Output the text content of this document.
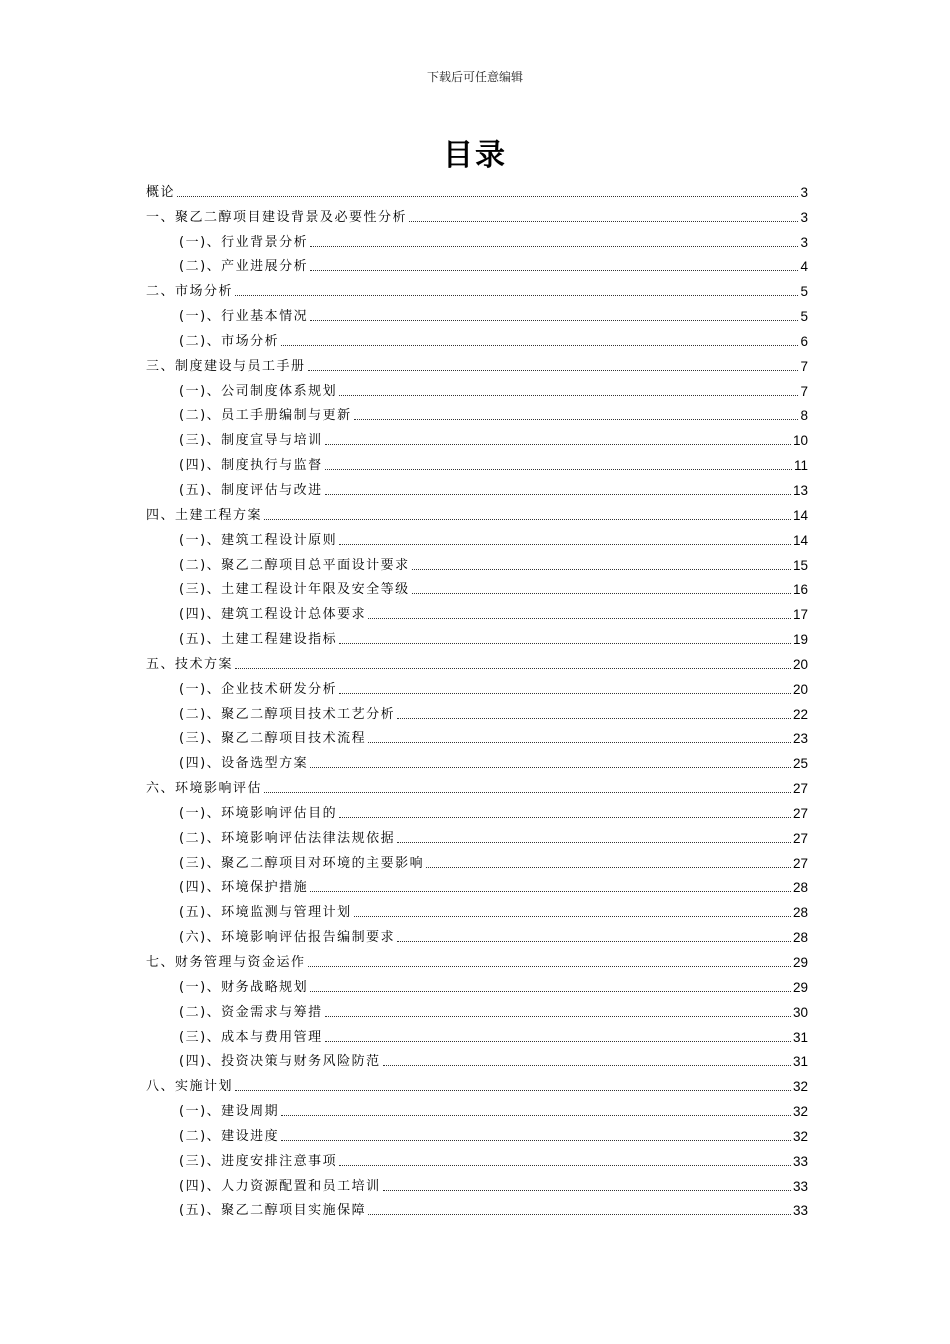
下载后可任意编辑
目录
概论	3
一、聚乙二醇项目建设背景及必要性分析	3
(一)、行业背景分析	3
(二)、产业进展分析	4
二、市场分析	5
(一)、行业基本情况	5
(二)、市场分析	6
三、制度建设与员工手册	7
(一)、公司制度体系规划	7
(二)、员工手册编制与更新	8
(三)、制度宣导与培训	10
(四)、制度执行与监督	11
(五)、制度评估与改进	13
四、土建工程方案	14
(一)、建筑工程设计原则	14
(二)、聚乙二醇项目总平面设计要求	15
(三)、土建工程设计年限及安全等级	16
(四)、建筑工程设计总体要求	17
(五)、土建工程建设指标	19
五、技术方案	20
(一)、企业技术研发分析	20
(二)、聚乙二醇项目技术工艺分析	22
(三)、聚乙二醇项目技术流程	23
(四)、设备选型方案	25
六、环境影响评估	27
(一)、环境影响评估目的	27
(二)、环境影响评估法律法规依据	27
(三)、聚乙二醇项目对环境的主要影响	27
(四)、环境保护措施	28
(五)、环境监测与管理计划	28
(六)、环境影响评估报告编制要求	28
七、财务管理与资金运作	29
(一)、财务战略规划	29
(二)、资金需求与筹措	30
(三)、成本与费用管理	31
(四)、投资决策与财务风险防范	31
八、实施计划	32
(一)、建设周期	32
(二)、建设进度	32
(三)、进度安排注意事项	33
(四)、人力资源配置和员工培训	33
(五)、聚乙二醇项目实施保障	33
